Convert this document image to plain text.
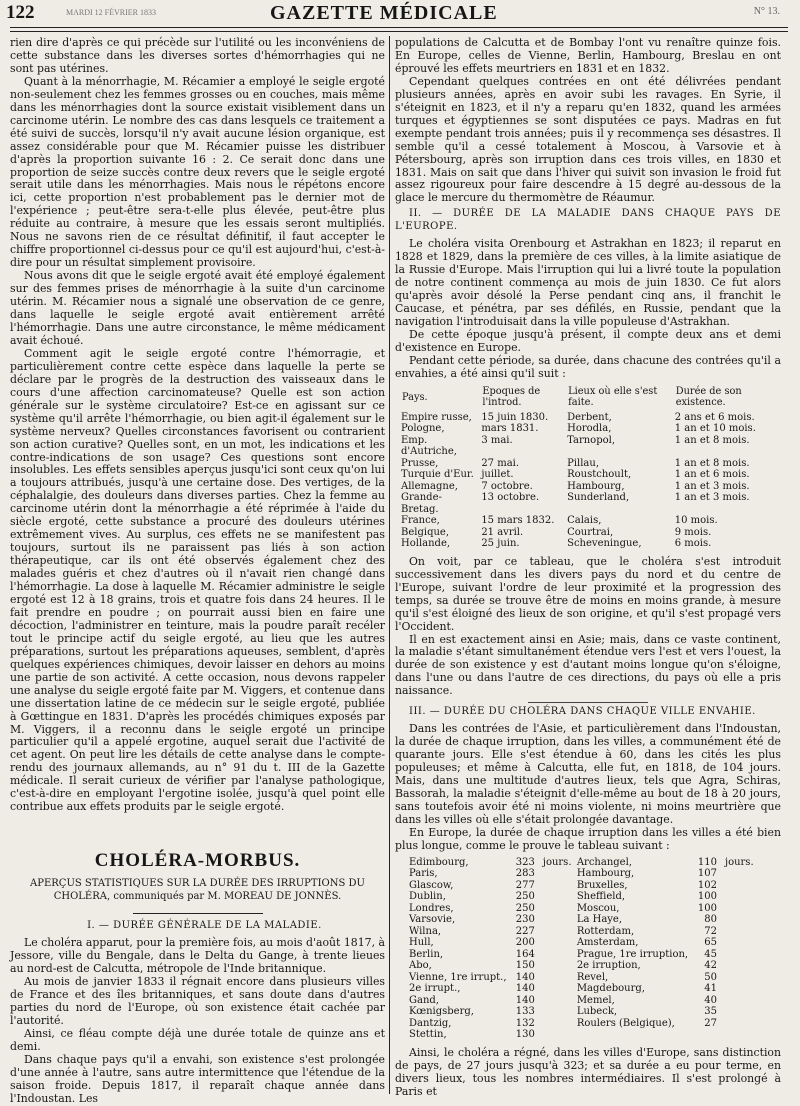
122	MARDI 12 FÉVRIER 1833	GAZETTE MÉDICALE	N° 13.

rien dire d'après ce qui précède sur l'utilité ou les inconvéniens de cette substance dans les diverses sortes d'hémorrhagies qui ne sont pas utérines.

Quant à la ménorrhagie, M. Récamier a employé le seigle ergoté non-seulement chez les femmes grosses ou en couches, mais même dans les ménorrhagies dont la source existait visiblement dans un carcinome utérin. Le nombre des cas dans lesquels ce traitement a été suivi de succès, lorsqu'il n'y avait aucune lésion organique, est assez considérable pour que M. Récamier puisse les distribuer d'après la proportion suivante 16 : 2. Ce serait donc dans une proportion de seize succès contre deux revers que le seigle ergoté serait utile dans les ménorrhagies. Mais nous le répétons encore ici, cette proportion n'est probablement pas le dernier mot de l'expérience ; peut-être sera-t-elle plus élevée, peut-être plus réduite au contraire, à mesure que les essais seront multipliés. Nous ne savons rien de ce résultat définitif, il faut accepter le chiffre proportionnel ci-dessus pour ce qu'il est aujourd'hui, c'est-à-dire pour un résultat simplement provisoire.

Nous avons dit que le seigle ergoté avait été employé également sur des femmes prises de ménorrhagie à la suite d'un carcinome utérin. M. Récamier nous a signalé une observation de ce genre, dans laquelle le seigle ergoté avait entièrement arrêté l'hémorrhagie. Dans une autre circonstance, le même médicament avait échoué.

Comment agit le seigle ergoté contre l'hémorragie, et particulièrement contre cette espèce dans laquelle la perte se déclare par le progrès de la destruction des vaisseaux dans le cours d'une affection carcinomateuse? Quelle est son action générale sur le système circulatoire? Est-ce en agissant sur ce système qu'il arrête l'hémorrhagie, ou bien agit-il également sur le système nerveux? Quelles circonstances favorisent ou contrarient son action curative? Quelles sont, en un mot, les indications et les contre-indications de son usage? Ces questions sont encore insolubles. Les effets sensibles aperçus jusqu'ici sont ceux qu'on lui a toujours attribués, jusqu'à une certaine dose. Des vertiges, de la céphalalgie, des douleurs dans diverses parties. Chez la femme au carcinome utérin dont la ménorrhagie a été réprimée à l'aide du siècle ergoté, cette substance a procuré des douleurs utérines extrêmement vives. Au surplus, ces effets ne se manifestent pas toujours, surtout ils ne paraissent pas liés à son action thérapeutique, car ils ont été observés également chez des malades guéris et chez d'autres où il n'avait rien changé dans l'hémorrhagie. La dose à laquelle M. Récamier administre le seigle ergoté est 12 à 18 grains, trois et quatre fois dans 24 heures. Il le fait prendre en poudre ; on pourrait aussi bien en faire une décoction, l'administrer en teinture, mais la poudre paraît recéler tout le principe actif du seigle ergoté, au lieu que les autres préparations, surtout les préparations aqueuses, semblent, d'après quelques expériences chimiques, devoir laisser en dehors au moins une partie de son activité. A cette occasion, nous devons rappeler une analyse du seigle ergoté faite par M. Viggers, et contenue dans une dissertation latine de ce médecin sur le seigle ergoté, publiée à Gœttingue en 1831. D'après les procédés chimiques exposés par M. Viggers, il a reconnu dans le seigle ergoté un principe particulier qu'il a appelé ergotine, auquel serait due l'activité de cet agent. On peut lire les détails de cette analyse dans le compte-rendu des journaux allemands, au n° 91 du t. III de la Gazette médicale. Il serait curieux de vérifier par l'analyse pathologique, c'est-à-dire en employant l'ergotine isolée, jusqu'à quel point elle contribue aux effets produits par le seigle ergoté.

CHOLÉRA-MORBUS.
APERÇUS STATISTIQUES SUR LA DURÉE DES IRRUPTIONS DU CHOLÉRA, communiqués par M. MOREAU DE JONNÈS.
I. — DURÉE GÉNÉRALE DE LA MALADIE.

Le choléra apparut, pour la première fois, au mois d'août 1817, à Jessore, ville du Bengale, dans le Delta du Gange, à trente lieues au nord-est de Calcutta, métropole de l'Inde britannique.

Au mois de janvier 1833 il régnait encore dans plusieurs villes de France et des îles britanniques, et sans doute dans d'autres parties du nord de l'Europe, où son existence était cachée par l'autorité.

Ainsi, ce fléau compte déjà une durée totale de quinze ans et demi.

Dans chaque pays qu'il a envahi, son existence s'est prolongée d'une année à l'autre, sans autre intermittence que l'étendue de la saison froide. Depuis 1817, il reparaît chaque année dans l'Indoustan. Les

populations de Calcutta et de Bombay l'ont vu renaître quinze fois. En Europe, celles de Vienne, Berlin, Hambourg, Breslau en ont éprouvé les effets meurtriers en 1831 et en 1832.

Cependant quelques contrées en ont été délivrées pendant plusieurs années, après en avoir subi les ravages. En Syrie, il s'éteignit en 1823, et il n'y a reparu qu'en 1832, quand les armées turques et égyptiennes se sont disputées ce pays. Madras en fut exempte pendant trois années; puis il y recommença ses désastres. Il semble qu'il a cessé totalement à Moscou, à Varsovie et à Pétersbourg, après son irruption dans ces trois villes, en 1830 et 1831. Mais on sait que dans l'hiver qui suivit son invasion le froid fut assez rigoureux pour faire descendre à 15 degré au-dessous de la glace le mercure du thermomètre de Réaumur.

II. — DURÉE DE LA MALADIE DANS CHAQUE PAYS DE L'EUROPE.

Le choléra visita Orenbourg et Astrakhan en 1823; il reparut en 1828 et 1829, dans la première de ces villes, à la limite asiatique de la Russie d'Europe. Mais l'irruption qui lui a livré toute la population de notre continent commença au mois de juin 1830. Ce fut alors qu'après avoir désolé la Perse pendant cinq ans, il franchit le Caucase, et pénétra, par ses défilés, en Russie, pendant que la navigation l'introduisait dans la ville populeuse d'Astrakhan.

De cette époque jusqu'à présent, il compte deux ans et demi d'existence en Europe.

Pendant cette période, sa durée, dans chacune des contrées qu'il a envahies, a été ainsi qu'il suit :

Pays.	Epoques de l'introd.	Lieux où elle s'est faite.	Durée de son existence.
Empire russe,	15 juin 1830.	Derbent,	2 ans et 6 mois.
Pologne,	mars 1831.	Horodla,	1 an et 10 mois.
Emp. d'Autriche,	3 mai.	Tarnopol,	1 an et 8 mois.
Prusse,	27 mai.	Pillau,	1 an et 8 mois.
Turquie d'Eur.	juillet.	Roustchoult,	1 an et 6 mois.
Allemagne,	7 octobre.	Hambourg,	1 an et 3 mois.
Grande-Bretag.	13 octobre.	Sunderland,	1 an et 3 mois.
France,	15 mars 1832.	Calais,	10 mois.
Belgique,	21 avril.	Courtrai,	9 mois.
Hollande,	25 juin.	Scheveningue,	6 mois.

On voit, par ce tableau, que le choléra s'est introduit successivement dans les divers pays du nord et du centre de l'Europe, suivant l'ordre de leur proximité et la progression des temps, sa durée se trouve être de moins en moins grande, à mesure qu'il s'est éloigné des lieux de son origine, et qu'il s'est propagé vers l'Occident.

Il en est exactement ainsi en Asie; mais, dans ce vaste continent, la maladie s'étant simultanément étendue vers l'est et vers l'ouest, la durée de son existence y est d'autant moins longue qu'on s'éloigne, dans l'une ou dans l'autre de ces directions, du pays où elle a pris naissance.

III. — DURÉE DU CHOLÉRA DANS CHAQUE VILLE ENVAHIE.

Dans les contrées de l'Asie, et particulièrement dans l'Indoustan, la durée de chaque irruption, dans les villes, a communément été de quarante jours. Elle s'est étendue à 60, dans les cités les plus populeuses; et même à Calcutta, elle fut, en 1818, de 104 jours. Mais, dans une multitude d'autres lieux, tels que Agra, Schiras, Bassorah, la maladie s'éteignit d'elle-même au bout de 18 à 20 jours, sans toutefois avoir été ni moins violente, ni moins meurtrière que dans les villes où elle s'était prolongée davantage.

En Europe, la durée de chaque irruption dans les villes a été bien plus longue, comme le prouve le tableau suivant :

Edimbourg,	323	jours.	Archangel,	110	jours.
Paris,	283		Hambourg,	107	
Glascow,	277		Bruxelles,	102	
Dublin,	250		Sheffield,	100	
Londres,	250		Moscou,	100	
Varsovie,	230		La Haye,	80	
Wilna,	227		Rotterdam,	72	
Hull,	200		Amsterdam,	65	
Berlin,	164		Prague, 1re irruption,	45	
Abo,	150		2e irruption,	42	
Vienne, 1re irrupt.,	140		Revel,	50	
2e irrupt.,	140		Magdebourg,	41	
Gand,	140		Memel,	40	
Kœnigsberg,	133		Lubeck,	35	
Dantzig,	132		Roulers (Belgique),	27	
Stettin,	130				

Ainsi, le choléra a régné, dans les villes d'Europe, sans distinction de pays, de 27 jours jusqu'à 323; et sa durée a eu pour terme, en divers lieux, tous les nombres intermédiaires. Il s'est prolongé à Paris et
